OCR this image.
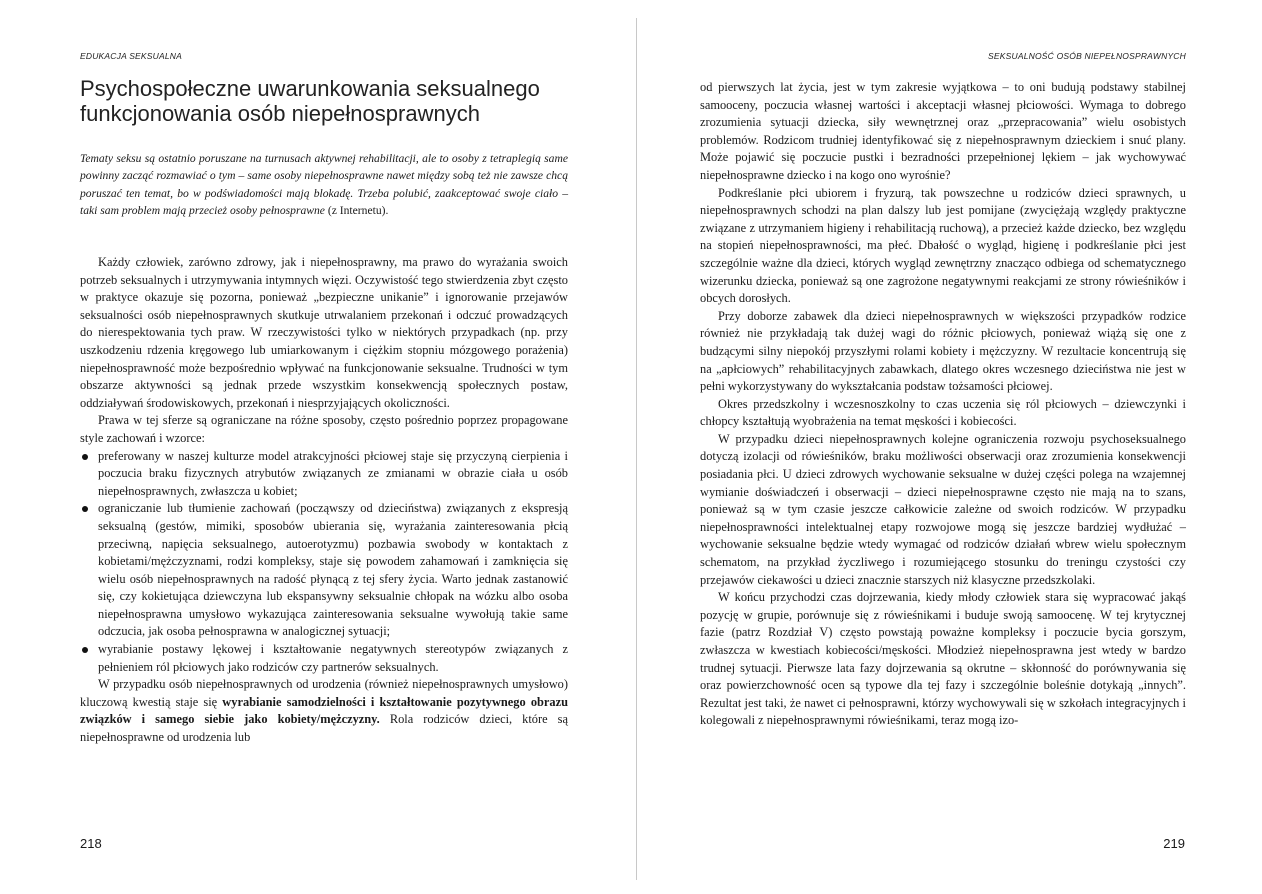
EDUKACJA SEKSUALNA
Psychospołeczne uwarunkowania seksualnego funkcjonowania osób niepełnosprawnych

Tematy seksu są ostatnio poruszane na turnusach aktywnej rehabilitacji, ale to osoby z tetraplegią same powinny zacząć rozmawiać o tym – same osoby niepełnosprawne nawet między sobą też nie zawsze chcą poruszać ten temat, bo w podświadomości mają blokadę. Trzeba polubić, zaakceptować swoje ciało – taki sam problem mają przecież osoby pełnosprawne (z Internetu).

Każdy człowiek, zarówno zdrowy, jak i niepełnosprawny, ma prawo do wyrażania swoich potrzeb seksualnych i utrzymywania intymnych więzi. Oczywistość tego stwierdzenia zbyt często w praktyce okazuje się pozorna, ponieważ „bezpieczne unikanie” i ignorowanie przejawów seksualności osób niepełnosprawnych skutkuje utrwalaniem przekonań i odczuć prowadzących do nierespektowania tych praw. W rzeczywistości tylko w niektórych przypadkach (np. przy uszkodzeniu rdzenia kręgowego lub umiarkowanym i ciężkim stopniu mózgowego porażenia) niepełnosprawność może bezpośrednio wpływać na funkcjonowanie seksualne. Trudności w tym obszarze aktywności są jednak przede wszystkim konsekwencją społecznych postaw, oddziaływań środowiskowych, przekonań i niesprzyjających okoliczności.

Prawa w tej sferze są ograniczane na różne sposoby, często pośrednio poprzez propagowane style zachowań i wzorce:

preferowany w naszej kulturze model atrakcyjności płciowej staje się przyczyną cierpienia i poczucia braku fizycznych atrybutów związanych ze zmianami w obrazie ciała u osób niepełnosprawnych, zwłaszcza u kobiet;
ograniczanie lub tłumienie zachowań (począwszy od dzieciństwa) związanych z ekspresją seksualną (gestów, mimiki, sposobów ubierania się, wyrażania zainteresowania płcią przeciwną, napięcia seksualnego, autoerotyzmu) pozbawia swobody w kontaktach z kobietami/mężczyznami, rodzi kompleksy, staje się powodem zahamowań i zamknięcia się wielu osób niepełnosprawnych na radość płynącą z tej sfery życia. Warto jednak zastanowić się, czy kokietująca dziewczyna lub ekspansywny seksualnie chłopak na wózku albo osoba niepełnosprawna umysłowo wykazująca zainteresowania seksualne wywołują takie same odczucia, jak osoba pełnosprawna w analogicznej sytuacji;
wyrabianie postawy lękowej i kształtowanie negatywnych stereotypów związanych z pełnieniem ról płciowych jako rodziców czy partnerów seksualnych.

W przypadku osób niepełnosprawnych od urodzenia (również niepełnosprawnych umysłowo) kluczową kwestią staje się wyrabianie samodzielności i kształtowanie pozytywnego obrazu związków i samego siebie jako kobiety/mężczyzny. Rola rodziców dzieci, które są niepełnosprawne od urodzenia lub

218
SEKSUALNOŚĆ OSÓB NIEPEŁNOSPRAWNYCH

od pierwszych lat życia, jest w tym zakresie wyjątkowa – to oni budują podstawy stabilnej samooceny, poczucia własnej wartości i akceptacji własnej płciowości. Wymaga to dobrego zrozumienia sytuacji dziecka, siły wewnętrznej oraz „przepracowania” wielu osobistych problemów. Rodzicom trudniej identyfikować się z niepełnosprawnym dzieckiem i snuć plany. Może pojawić się poczucie pustki i bezradności przepełnionej lękiem – jak wychowywać niepełnosprawne dziecko i na kogo ono wyrośnie?

Podkreślanie płci ubiorem i fryzurą, tak powszechne u rodziców dzieci sprawnych, u niepełnosprawnych schodzi na plan dalszy lub jest pomijane (zwyciężają względy praktyczne związane z utrzymaniem higieny i rehabilitacją ruchową), a przecież każde dziecko, bez względu na stopień niepełnosprawności, ma płeć. Dbałość o wygląd, higienę i podkreślanie płci jest szczególnie ważne dla dzieci, których wygląd zewnętrzny znacząco odbiega od schematycznego wizerunku dziecka, ponieważ są one zagrożone negatywnymi reakcjami ze strony rówieśników i obcych dorosłych.

Przy doborze zabawek dla dzieci niepełnosprawnych w większości przypadków rodzice również nie przykładają tak dużej wagi do różnic płciowych, ponieważ wiążą się one z budzącymi silny niepokój przyszłymi rolami kobiety i mężczyzny. W rezultacie koncentrują się na „apłciowych” rehabilitacyjnych zabawkach, dlatego okres wczesnego dzieciństwa nie jest w pełni wykorzystywany do wykształcania podstaw tożsamości płciowej.

Okres przedszkolny i wczesnoszkolny to czas uczenia się ról płciowych – dziewczynki i chłopcy kształtują wyobrażenia na temat męskości i kobiecości.

W przypadku dzieci niepełnosprawnych kolejne ograniczenia rozwoju psychoseksualnego dotyczą izolacji od rówieśników, braku możliwości obserwacji oraz zrozumienia konsekwencji posiadania płci. U dzieci zdrowych wychowanie seksualne w dużej części polega na wzajemnej wymianie doświadczeń i obserwacji – dzieci niepełnosprawne często nie mają na to szans, ponieważ są w tym czasie jeszcze całkowicie zależne od swoich rodziców. W przypadku niepełnosprawności intelektualnej etapy rozwojowe mogą się jeszcze bardziej wydłużać – wychowanie seksualne będzie wtedy wymagać od rodziców działań wbrew wielu społecznym schematom, na przykład życzliwego i rozumiejącego stosunku do treningu czystości czy przejawów ciekawości u dzieci znacznie starszych niż klasyczne przedszkolaki.

W końcu przychodzi czas dojrzewania, kiedy młody człowiek stara się wypracować jakąś pozycję w grupie, porównuje się z rówieśnikami i buduje swoją samoocenę. W tej krytycznej fazie (patrz Rozdział V) często powstają poważne kompleksy i poczucie bycia gorszym, zwłaszcza w kwestiach kobiecości/męskości. Młodzież niepełnosprawna jest wtedy w bardzo trudnej sytuacji. Pierwsze lata fazy dojrzewania są okrutne – skłonność do porównywania się oraz powierzchowność ocen są typowe dla tej fazy i szczególnie boleśnie dotykają „innych”. Rezultat jest taki, że nawet ci pełnosprawni, którzy wychowywali się w szkołach integracyjnych i kolegowali z niepełnosprawnymi rówieśnikami, teraz mogą izo-

219
